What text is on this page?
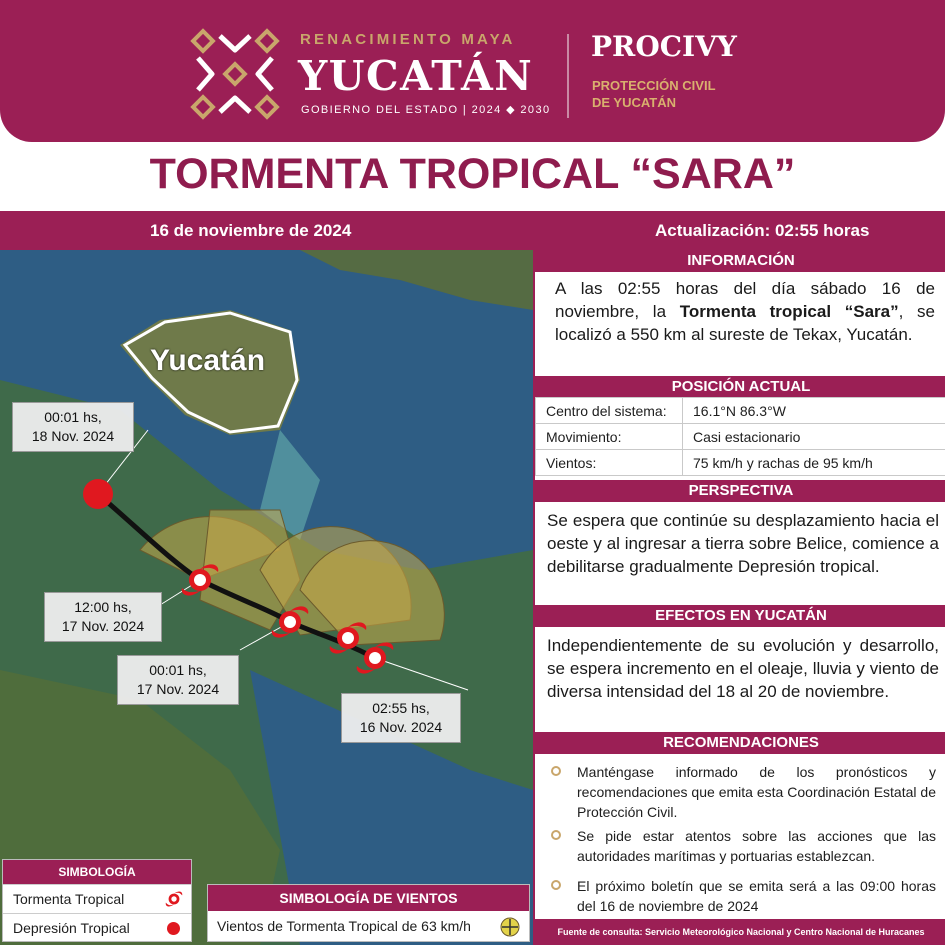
RENACIMIENTO MAYA
YUCATÁN
GOBIERNO DEL ESTADO | 2024 ◆ 2030
PROCIVY
PROTECCIÓN CIVIL
DE YUCATÁN
TORMENTA TROPICAL “SARA”
16 de noviembre de 2024	Actualización: 02:55 horas
Yucatán
00:01 hs,
18 Nov. 2024
12:00 hs,
17 Nov. 2024
00:01 hs,
17 Nov. 2024
02:55 hs,
16 Nov. 2024
SIMBOLOGÍA
Tormenta Tropical
Depresión Tropical
SIMBOLOGÍA DE VIENTOS
Vientos de Tormenta Tropical de 63 km/h
INFORMACIÓN
A las 02:55 horas del día sábado 16 de noviembre, la Tormenta tropical “Sara”, se localizó a 550 km al sureste de Tekax, Yucatán.
POSICIÓN ACTUAL
Centro del sistema:	16.1°N 86.3°W
Movimiento:	Casi estacionario
Vientos:	75 km/h y rachas de 95 km/h
PERSPECTIVA
Se espera que continúe su desplazamiento hacia el oeste y al ingresar a tierra sobre Belice, comience a debilitarse gradualmente Depresión tropical.
EFECTOS EN YUCATÁN
Independientemente de su evolución y desarrollo, se espera incremento en el oleaje, lluvia y viento de diversa intensidad del 18 al 20 de noviembre.
RECOMENDACIONES
Manténgase informado de los pronósticos y recomendaciones que emita esta Coordinación Estatal de Protección Civil.
Se pide estar atentos sobre las acciones que las autoridades marítimas y portuarias establezcan.
El próximo boletín que se emita será a las 09:00 horas del 16 de noviembre de 2024
Fuente de consulta: Servicio Meteorológico Nacional y Centro Nacional de Huracanes
